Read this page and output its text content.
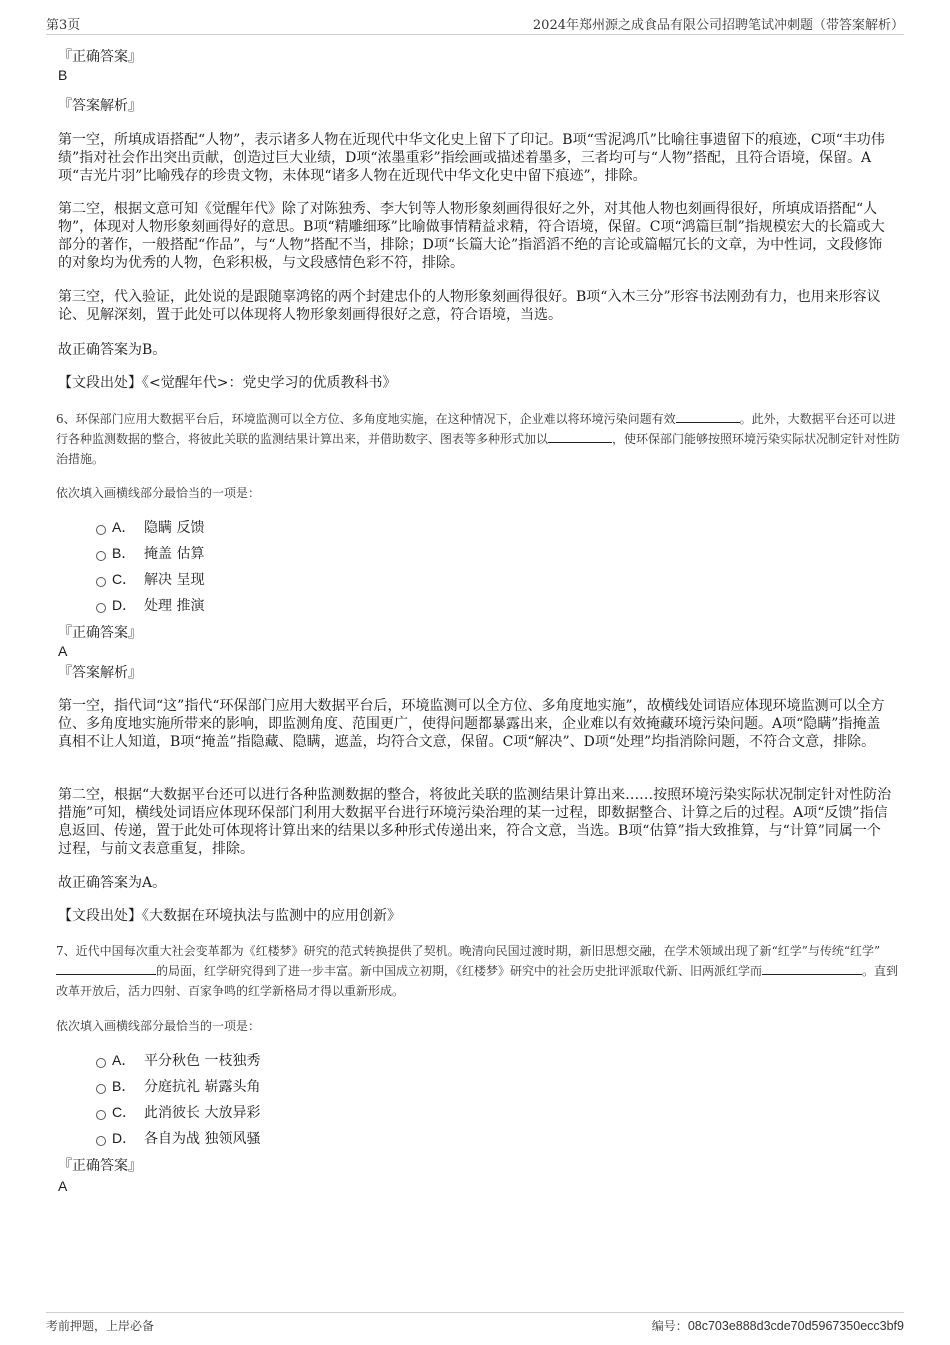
第3页	2024年郑州源之成食品有限公司招聘笔试冲刺题（带答案解析）
『正确答案』
B
『答案解析』
第一空，所填成语搭配“人物”，表示诸多人物在近现代中华文化史上留下了印记。B项“雪泥鸿爪”比喻往事遗留下的痕迹，C项“丰功伟绩”指对社会作出突出贡献，创造过巨大业绩，D项“浓墨重彩”指绘画或描述着墨多，三者均可与“人物”搭配，且符合语境，保留。A项“吉光片羽”比喻残存的珍贵文物，未体现“诸多人物在近现代中华文化史中留下痕迹”，排除。
第二空，根据文意可知《觉醒年代》除了对陈独秀、李大钊等人物形象刻画得很好之外，对其他人物也刻画得很好，所填成语搭配“人物”，体现对人物形象刻画得好的意思。B项“精雕细琢”比喻做事情精益求精，符合语境，保留。C项“鸿篇巨制”指规模宏大的长篇或大部分的著作，一般搭配“作品”，与“人物”搭配不当，排除；D项“长篇大论”指滔滔不绝的言论或篇幅冗长的文章，为中性词，文段修饰的对象均为优秀的人物，色彩积极，与文段感情色彩不符，排除。
第三空，代入验证，此处说的是跟随辜鸿铭的两个封建忠仆的人物形象刻画得很好。B项“入木三分”形容书法刚劲有力，也用来形容议论、见解深刻，置于此处可以体现将人物形象刻画得很好之意，符合语境，当选。
故正确答案为B。
【文段出处】《<觉醒年代>：党史学习的优质教科书》
6、环保部门应用大数据平台后，环境监测可以全方位、多角度地实施，在这种情况下，企业难以将环境污染问题有效	。此外，大数据平台还可以进行各种监测数据的整合，将彼此关联的监测结果计算出来，并借助数字、图表等多种形式加以	，使环保部门能够按照环境污染实际状况制定针对性防治措施。
依次填入画横线部分最恰当的一项是：
A． 隐瞒 反馈
B． 掩盖 估算
C． 解决 呈现
D． 处理 推演
『正确答案』
A
『答案解析』
第一空，指代词“这”指代“环保部门应用大数据平台后，环境监测可以全方位、多角度地实施”，故横线处词语应体现环境监测可以全方位、多角度地实施所带来的影响，即监测角度、范围更广，使得问题都暴露出来，企业难以有效掩藏环境污染问题。A项“隐瞒”指掩盖真相不让人知道，B项“掩盖”指隐藏、隐瞒，遮盖，均符合文意，保留。C项“解决”、D项“处理”均指消除问题，不符合文意，排除。
第二空，根据“大数据平台还可以进行各种监测数据的整合，将彼此关联的监测结果计算出来……按照环境污染实际状况制定针对性防治措施”可知，横线处词语应体现环保部门利用大数据平台进行环境污染治理的某一过程，即数据整合、计算之后的过程。A项“反馈”指信息返回、传递，置于此处可体现将计算出来的结果以多种形式传递出来，符合文意，当选。B项“估算”指大致推算，与“计算”同属一个过程，与前文表意重复，排除。
故正确答案为A。
【文段出处】《大数据在环境执法与监测中的应用创新》
7、近代中国每次重大社会变革都为《红楼梦》研究的范式转换提供了契机。晚清向民国过渡时期，新旧思想交融，在学术领域出现了新“红学”与传统“红学”的局面，红学研究得到了进一步丰富。新中国成立初期，《红楼梦》研究中的社会历史批评派取代新、旧两派红学而	。直到改革开放后，活力四射、百家争鸣的红学新格局才得以重新形成。
依次填入画横线部分最恰当的一项是：
A． 平分秋色 一枝独秀
B． 分庭抗礼 崭露头角
C． 此消彼长 大放异彩
D． 各自为战 独领风骚
『正确答案』
A
考前押题，上岸必备	编号：08c703e888d3cde70d5967350ecc3bf9
